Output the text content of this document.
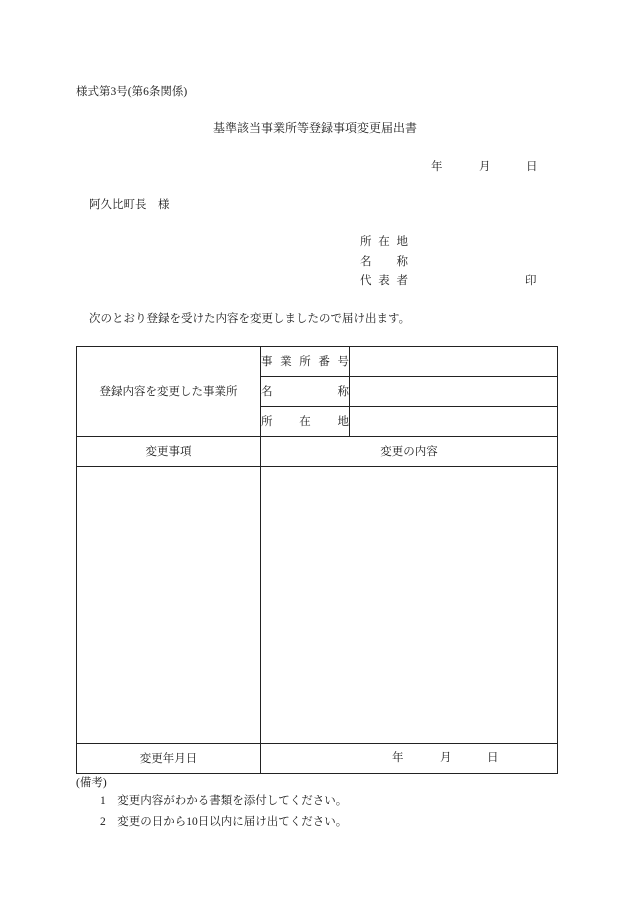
様式第3号(第6条関係)
基準該当事業所等登録事項変更届出書
年	月	日
阿久比町長　様
所 在 地
名 称
代 表 者	印
次のとおり登録を受けた内容を変更しましたので届け出ます。
登録内容を変更した事業所	事 業 所 番 号	

	名 称	

	所 在 地	

変更事項	変更の内容	

変更年月日	年 月 日	
(備考)
1　変更内容がわかる書類を添付してください。
2　変更の日から10日以内に届け出てください。
